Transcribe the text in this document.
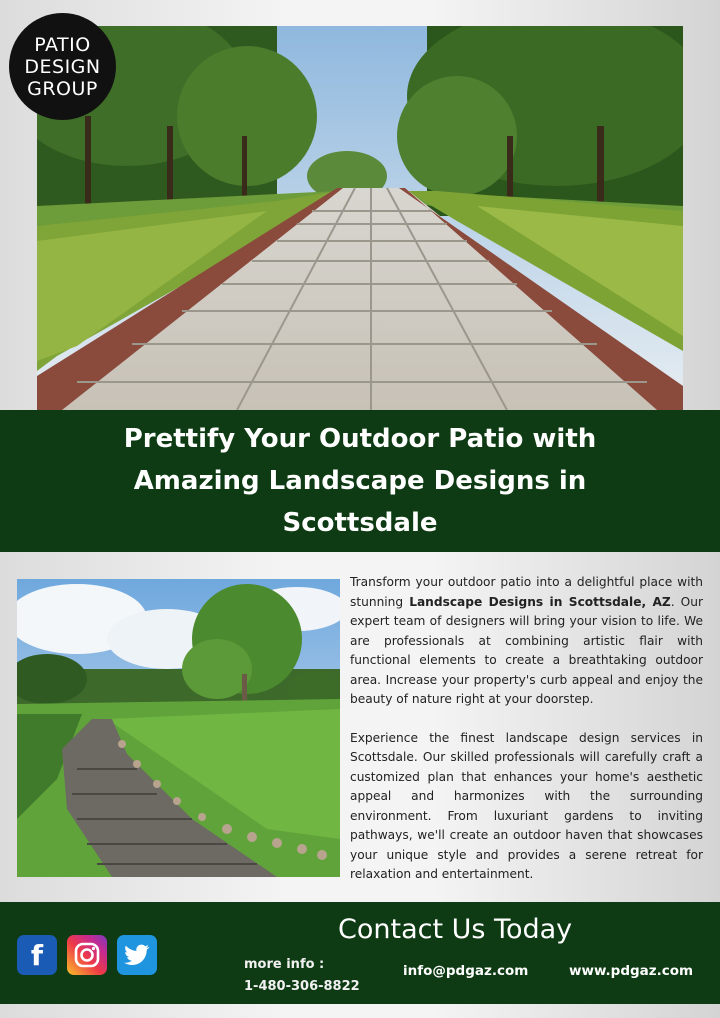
PATIO
DESIGN
GROUP
Prettify Your Outdoor Patio with Amazing Landscape Designs in Scottsdale

Transform your outdoor patio into a delightful place with stunning Landscape Designs in Scottsdale, AZ. Our expert team of designers will bring your vision to life. We are professionals at combining artistic flair with functional elements to create a breathtaking outdoor area. Increase your property's curb appeal and enjoy the beauty of nature right at your doorstep.

Experience the finest landscape design services in Scottsdale. Our skilled professionals will carefully craft a customized plan that enhances your home's aesthetic appeal and harmonizes with the surrounding environment. From luxuriant gardens to inviting pathways, we'll create an outdoor haven that showcases your unique style and provides a serene retreat for relaxation and entertainment.

f
Contact Us Today
more info :
1-480-306-8822
info@pdgaz.com	www.pdgaz.com
